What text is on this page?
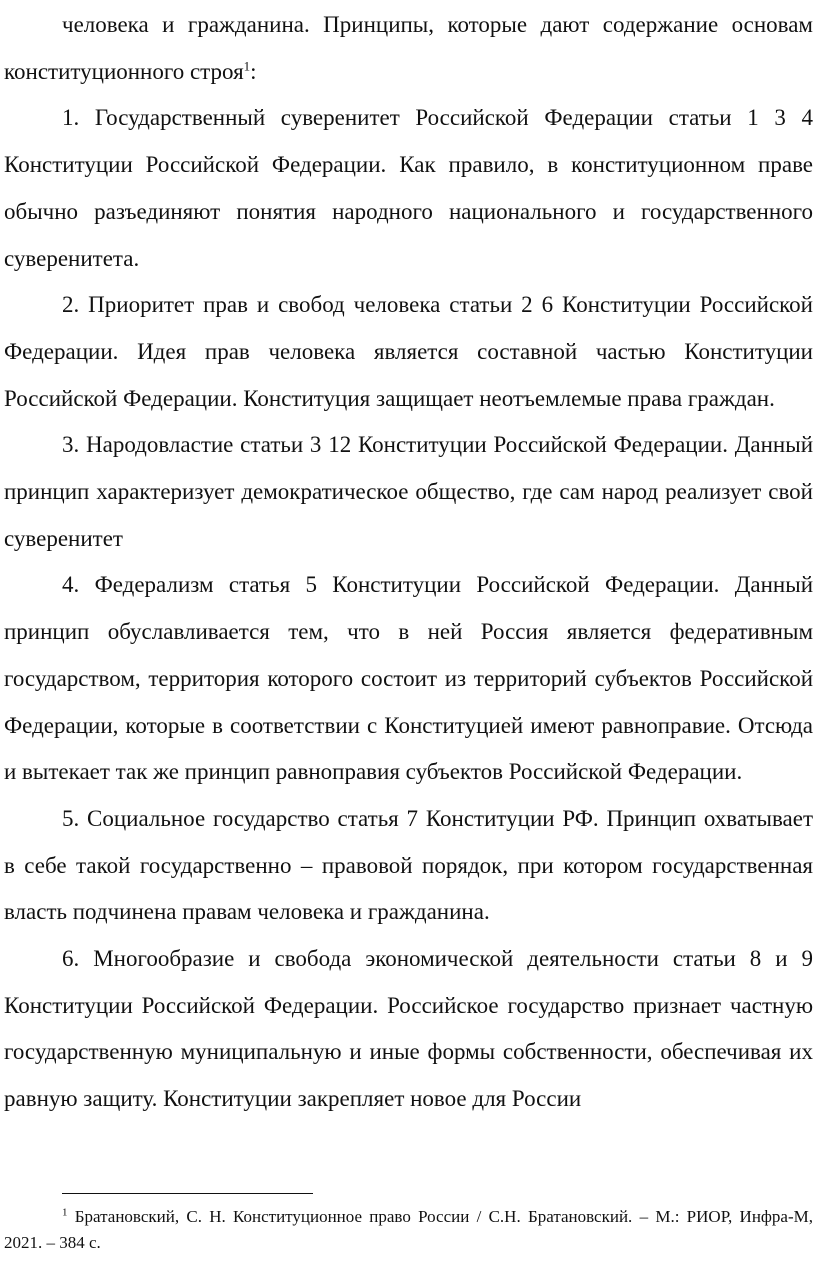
человека и гражданина. Принципы, которые дают содержание основам конституционного строя$^1$:

1. Государственный суверенитет Российской Федерации статьи 1 3 4 Конституции Российской Федерации. Как правило, в конституционном праве обычно разъединяют понятия народного национального и государственного суверенитета.

2. Приоритет прав и свобод человека статьи 2 6 Конституции Российской Федерации. Идея прав человека является составной частью Конституции Российской Федерации. Конституция защищает неотъемлемые права граждан.

3. Народовластие статьи 3 12 Конституции Российской Федерации. Данный принцип характеризует демократическое общество, где сам народ реализует свой суверенитет

4. Федерализм статья 5 Конституции Российской Федерации. Данный принцип обуславливается тем, что в ней Россия является федеративным государством, территория которого состоит из территорий субъектов Российской Федерации, которые в соответствии с Конституцией имеют равноправие. Отсюда и вытекает так же принцип равноправия субъектов Российской Федерации.

5. Социальное государство статья 7 Конституции РФ. Принцип охватывает в себе такой государственно – правовой порядок, при котором государственная власть подчинена правам человека и гражданина.

6. Многообразие и свобода экономической деятельности статьи 8 и 9 Конституции Российской Федерации. Российское государство признает частную государственную муниципальную и иные формы собственности, обеспечивая их равную защиту. Конституции закрепляет новое для России

$^1$ Братановский, С. Н. Конституционное право России / С.Н. Братановский. – М.: РИОР, Инфра-М, 2021. – 384 с.
